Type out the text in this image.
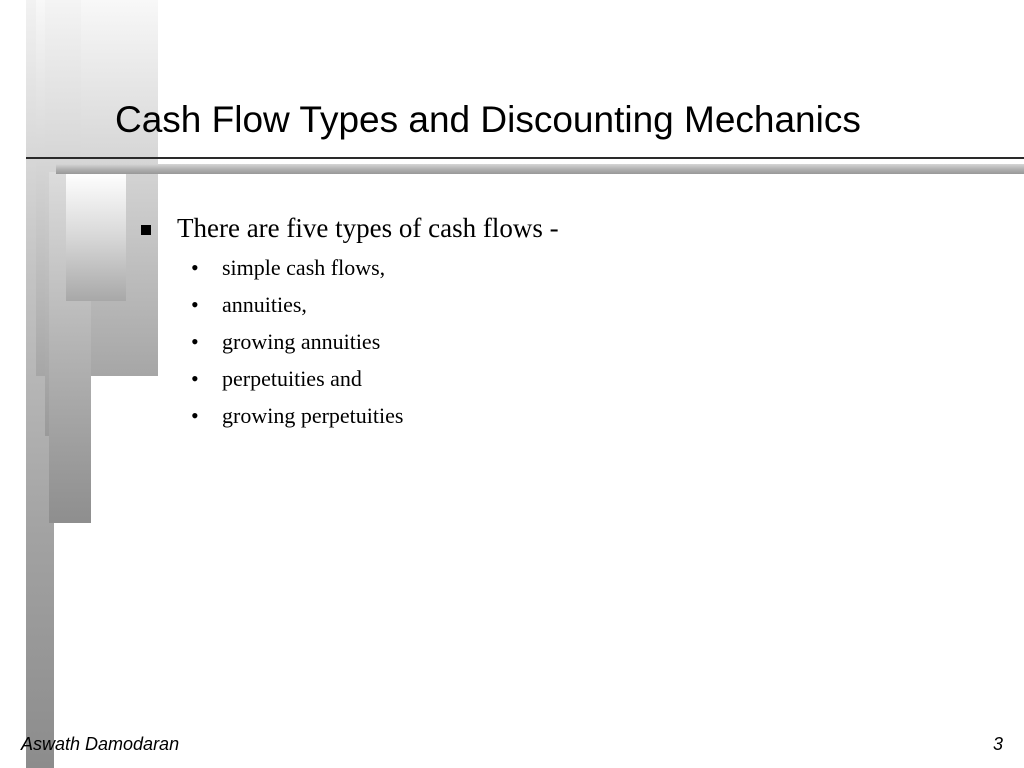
Cash Flow Types and Discounting Mechanics
There are five types of cash flows -
• simple cash flows,
• annuities,
• growing annuities
• perpetuities and
• growing perpetuities
Aswath Damodaran	3
